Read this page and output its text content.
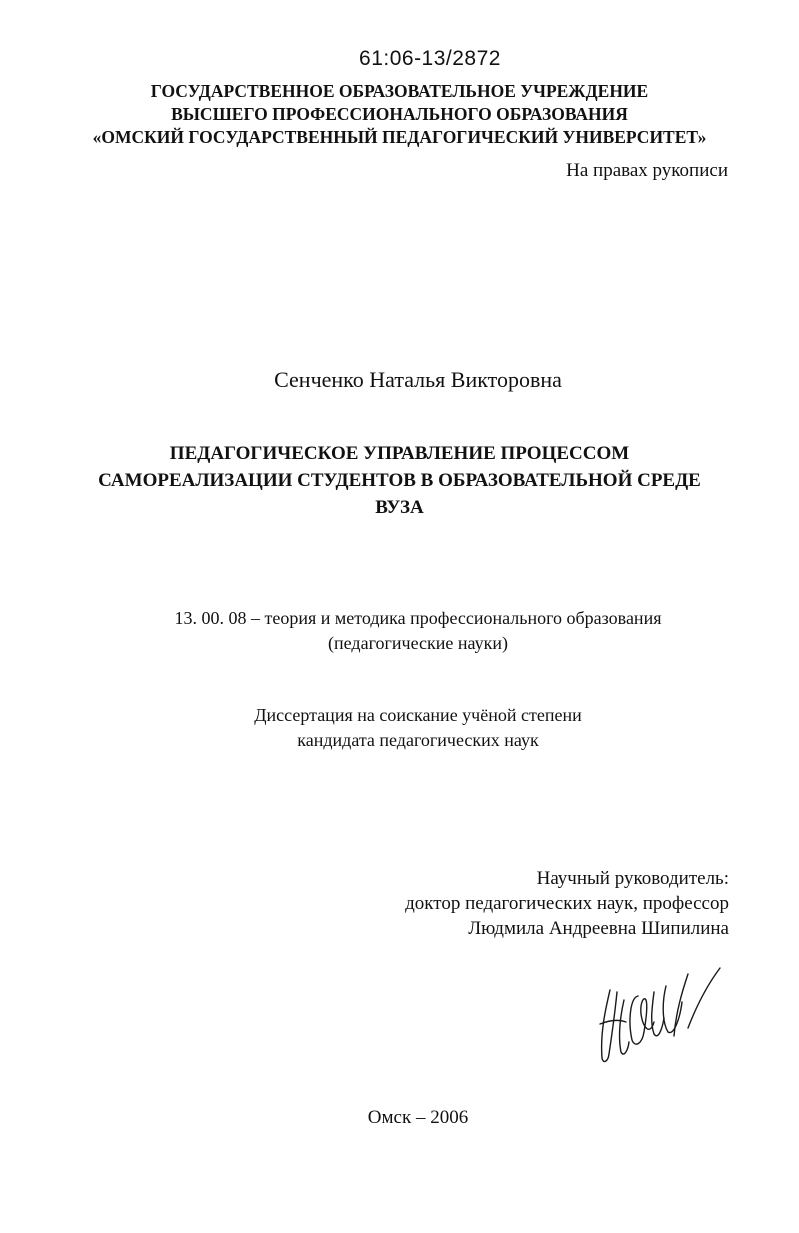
61:06-13/2872
ГОСУДАРСТВЕННОЕ ОБРАЗОВАТЕЛЬНОЕ УЧРЕЖДЕНИЕ
ВЫСШЕГО ПРОФЕССИОНАЛЬНОГО ОБРАЗОВАНИЯ
«ОМСКИЙ ГОСУДАРСТВЕННЫЙ ПЕДАГОГИЧЕСКИЙ УНИВЕРСИТЕТ»
На правах рукописи
Сенченко Наталья Викторовна
ПЕДАГОГИЧЕСКОЕ УПРАВЛЕНИЕ ПРОЦЕССОМ
САМОРЕАЛИЗАЦИИ СТУДЕНТОВ В ОБРАЗОВАТЕЛЬНОЙ СРЕДЕ
ВУЗА
13. 00. 08 – теория и методика профессионального образования
(педагогические науки)
Диссертация на соискание учёной степени
кандидата педагогических наук
Научный руководитель:
доктор педагогических наук, профессор
Людмила Андреевна Шипилина
Омск – 2006
